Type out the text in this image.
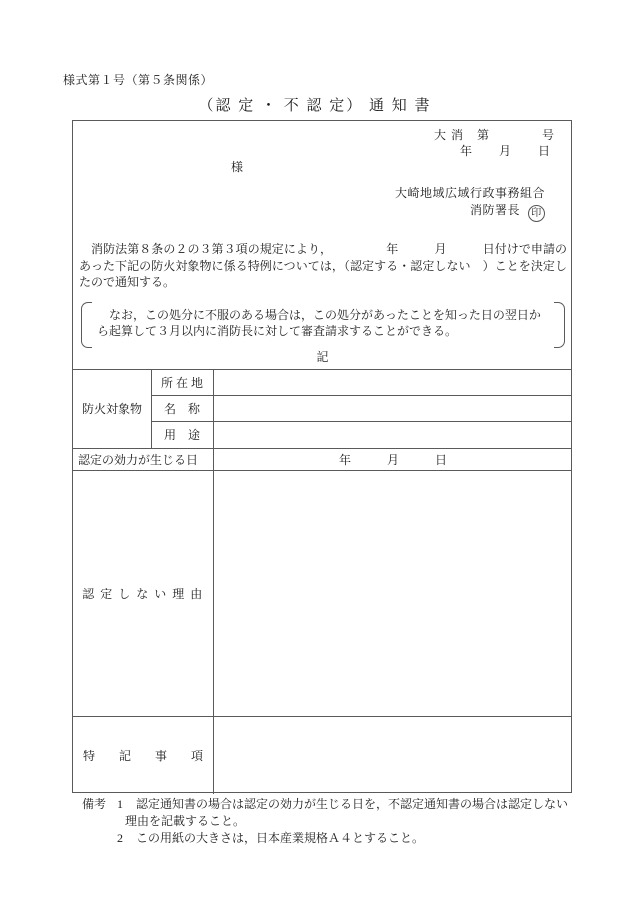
様式第１号（第５条関係）
（認 定 ・ 不 認 定） 通 知 書
大 消　第　　　　号
年　　月　　日
様
大崎地域広域行政事務組合
消防署長 印
　消防法第８条の２の３第３項の規定により，　　　　　年　　　月　　　日付けで申請のあった下記の防火対象物に係る特例については，（認定する・認定しない　）ことを決定したので通知する。
　なお，この処分に不服のある場合は，この処分があったことを知った日の翌日から起算して３月以内に消防長に対して審査請求することができる。
記
防火対象物
所 在 地
名　称
用　途
認定の効力が生じる日	年　　　月　　　日
認 定 し な い 理 由
特　　記　　事　　項
備考 1 認定通知書の場合は認定の効力が生じる日を，不認定通知書の場合は認定しない理由を記載すること。
2 この用紙の大きさは，日本産業規格Ａ４とすること。
